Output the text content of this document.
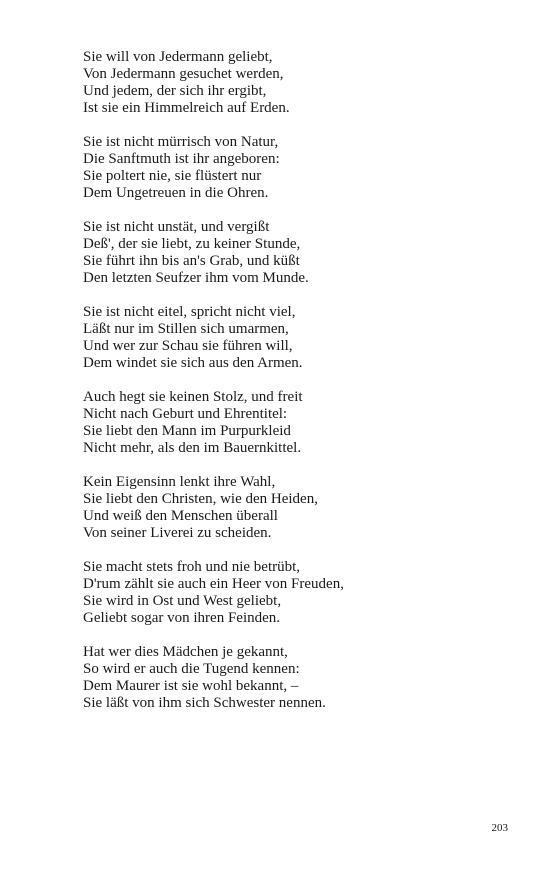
Sie will von Jedermann geliebt,
Von Jedermann gesuchet werden,
Und jedem, der sich ihr ergibt,
Ist sie ein Himmelreich auf Erden.
Sie ist nicht mürrisch von Natur,
Die Sanftmuth ist ihr angeboren:
Sie poltert nie, sie flüstert nur
Dem Ungetreuen in die Ohren.
Sie ist nicht unstät, und vergißt
Deß', der sie liebt, zu keiner Stunde,
Sie führt ihn bis an's Grab, und küßt
Den letzten Seufzer ihm vom Munde.
Sie ist nicht eitel, spricht nicht viel,
Läßt nur im Stillen sich umarmen,
Und wer zur Schau sie führen will,
Dem windet sie sich aus den Armen.
Auch hegt sie keinen Stolz, und freit
Nicht nach Geburt und Ehrentitel:
Sie liebt den Mann im Purpurkleid
Nicht mehr, als den im Bauernkittel.
Kein Eigensinn lenkt ihre Wahl,
Sie liebt den Christen, wie den Heiden,
Und weiß den Menschen überall
Von seiner Liverei zu scheiden.
Sie macht stets froh und nie betrübt,
D'rum zählt sie auch ein Heer von Freuden,
Sie wird in Ost und West geliebt,
Geliebt sogar von ihren Feinden.
Hat wer dies Mädchen je gekannt,
So wird er auch die Tugend kennen:
Dem Maurer ist sie wohl bekannt, –
Sie läßt von ihm sich Schwester nennen.
203
